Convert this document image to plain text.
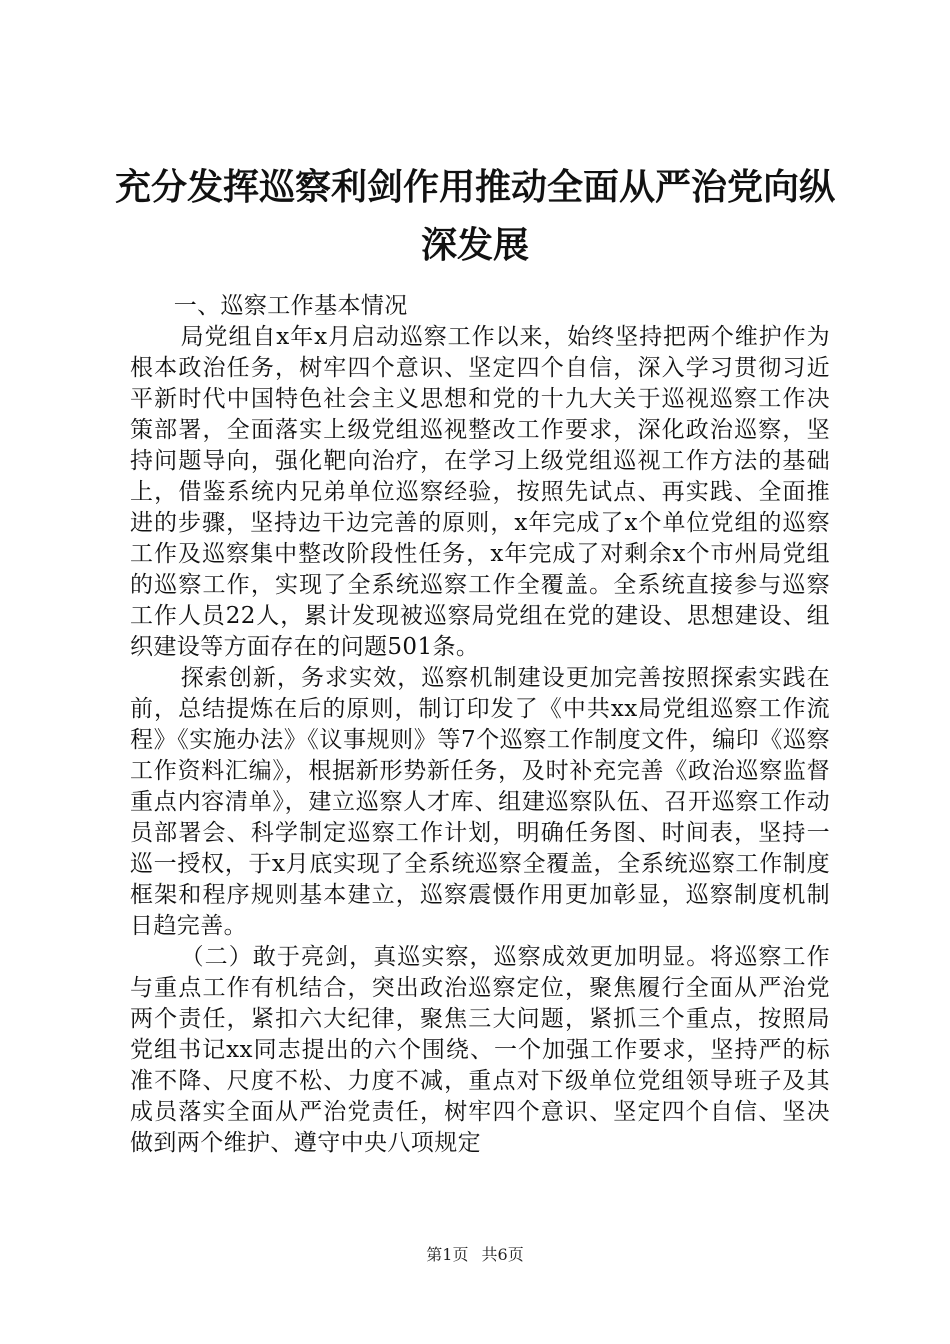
充分发挥巡察利剑作用推动全面从严治党向纵深发展

一、巡察工作基本情况

局党组自x年x月启动巡察工作以来，始终坚持把两个维护作为根本政治任务，树牢四个意识、坚定四个自信，深入学习贯彻习近平新时代中国特色社会主义思想和党的十九大关于巡视巡察工作决策部署，全面落实上级党组巡视整改工作要求，深化政治巡察，坚持问题导向，强化靶向治疗，在学习上级党组巡视工作方法的基础上，借鉴系统内兄弟单位巡察经验，按照先试点、再实践、全面推进的步骤，坚持边干边完善的原则，x年完成了x个单位党组的巡察工作及巡察集中整改阶段性任务，x年完成了对剩余x个市州局党组的巡察工作，实现了全系统巡察工作全覆盖。全系统直接参与巡察工作人员22人，累计发现被巡察局党组在党的建设、思想建设、组织建设等方面存在的问题501条。

探索创新，务求实效，巡察机制建设更加完善按照探索实践在前，总结提炼在后的原则，制订印发了《中共xx局党组巡察工作流程》《实施办法》《议事规则》等7个巡察工作制度文件，编印《巡察工作资料汇编》，根据新形势新任务，及时补充完善《政治巡察监督重点内容清单》，建立巡察人才库、组建巡察队伍、召开巡察工作动员部署会、科学制定巡察工作计划，明确任务图、时间表，坚持一巡一授权，于x月底实现了全系统巡察全覆盖，全系统巡察工作制度框架和程序规则基本建立，巡察震慑作用更加彰显，巡察制度机制日趋完善。

（二）敢于亮剑，真巡实察，巡察成效更加明显。将巡察工作与重点工作有机结合，突出政治巡察定位，聚焦履行全面从严治党两个责任，紧扣六大纪律，聚焦三大问题，紧抓三个重点，按照局党组书记xx同志提出的六个围绕、一个加强工作要求，坚持严的标准不降、尺度不松、力度不减，重点对下级单位党组领导班子及其成员落实全面从严治党责任，树牢四个意识、坚定四个自信、坚决做到两个维护、遵守中央八项规定

第1页 共6页
